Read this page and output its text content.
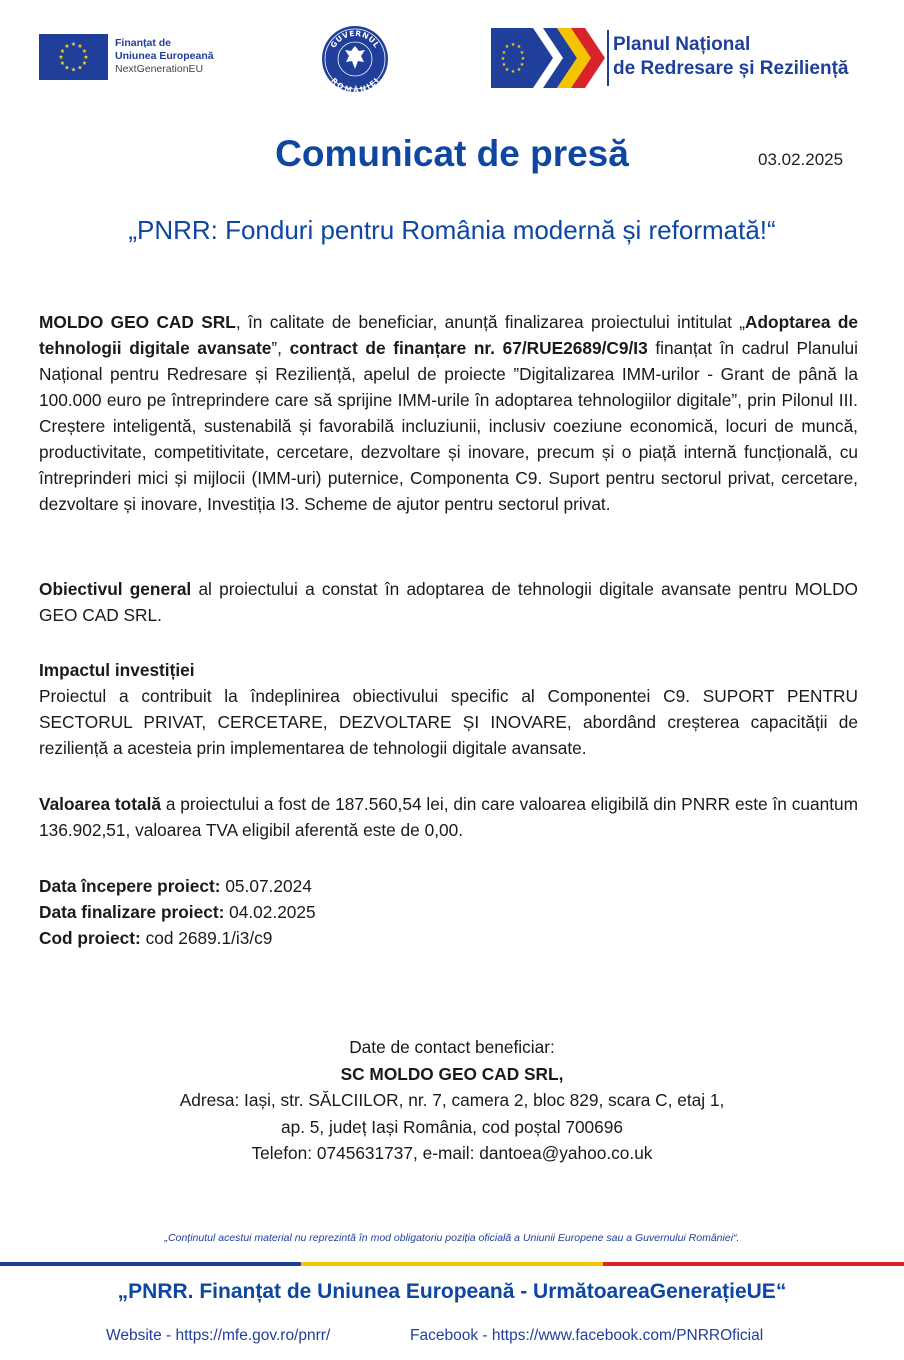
★ ★
★
★
★
★
★
★
★
★
★
★	Finanțat de
Uniunea Europeană
NextGenerationEU
GUVERNUL
ROMÂNIEI
★ ★
★
★
★
★
★
★
★
★
★
★	Planul Național
de Redresare și Reziliență
Comunicat de presă	03.02.2025
„PNRR: Fonduri pentru România modernă și reformată!“
MOLDO GEO CAD SRL, în calitate de beneficiar, anunță finalizarea proiectului intitulat „Adoptarea de tehnologii digitale avansate”, contract de finanțare nr. 67/RUE2689/C9/I3 finanțat în cadrul Planului Național pentru Redresare și Reziliență, apelul de proiecte ”Digitalizarea IMM-urilor - Grant de până la 100.000 euro pe întreprindere care să sprijine IMM-urile în adoptarea tehnologiilor digitale”, prin Pilonul III. Creștere inteligentă, sustenabilă și favorabilă incluziunii, inclusiv coeziune economică, locuri de muncă, productivitate, competitivitate, cercetare, dezvoltare și inovare, precum și o piață internă funcțională, cu întreprinderi mici și mijlocii (IMM-uri) puternice, Componenta C9. Suport pentru sectorul privat, cercetare, dezvoltare și inovare, Investiția I3. Scheme de ajutor pentru sectorul privat.
Obiectivul general al proiectului a constat în adoptarea de tehnologii digitale avansate pentru MOLDO GEO CAD SRL.
Impactul investiției
Proiectul a contribuit la îndeplinirea obiectivului specific al Componentei C9. SUPORT PENTRU SECTORUL PRIVAT, CERCETARE, DEZVOLTARE ȘI INOVARE, abordând creșterea capacității de reziliență a acesteia prin implementarea de tehnologii digitale avansate.
Valoarea totală a proiectului a fost de 187.560,54 lei, din care valoarea eligibilă din PNRR este în cuantum 136.902,51, valoarea TVA eligibil aferentă este de 0,00.
Data începere proiect: 05.07.2024
Data finalizare proiect: 04.02.2025
Cod proiect: cod 2689.1/i3/c9
Date de contact beneficiar:
SC MOLDO GEO CAD SRL,
Adresa: Iași, str. SĂLCIILOR, nr. 7, camera 2, bloc 829, scara C, etaj 1,
ap. 5, județ Iași România, cod poștal 700696
Telefon: 0745631737, e-mail: dantoea@yahoo.co.uk
„Conținutul acestui material nu reprezintă în mod obligatoriu poziția oficială a Uniunii Europene sau a Guvernului României“.
„PNRR. Finanțat de Uniunea Europeană - UrmătoareaGenerațieUE“
Website - https://mfe.gov.ro/pnrr/	Facebook - https://www.facebook.com/PNRROficial
